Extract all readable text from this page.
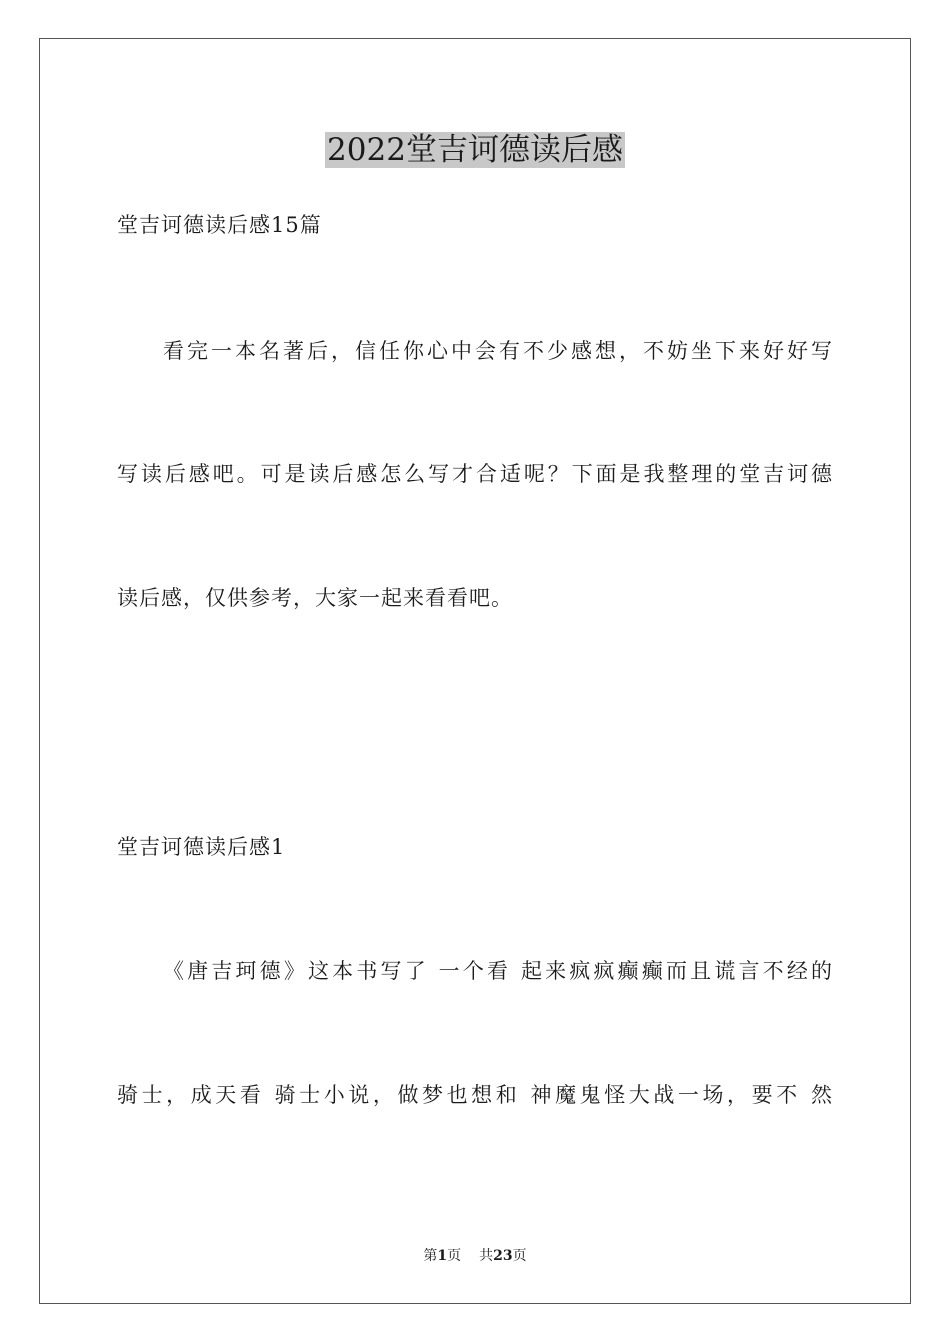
2022堂吉诃德读后感
堂吉诃德读后感15篇
看完一本名著后，信任你心中会有不少感想，不妨坐下来好好写
写读后感吧。可是读后感怎么写才合适呢？下面是我整理的堂吉诃德
读后感，仅供参考，大家一起来看看吧。
堂吉诃德读后感1
《唐吉珂德》这本书写了 一个看 起来疯疯癫癫而且谎言不经的
骑士，成天看 骑士小说，做梦也想和 神魔鬼怪大战一场，要不 然
第1页 共23页
